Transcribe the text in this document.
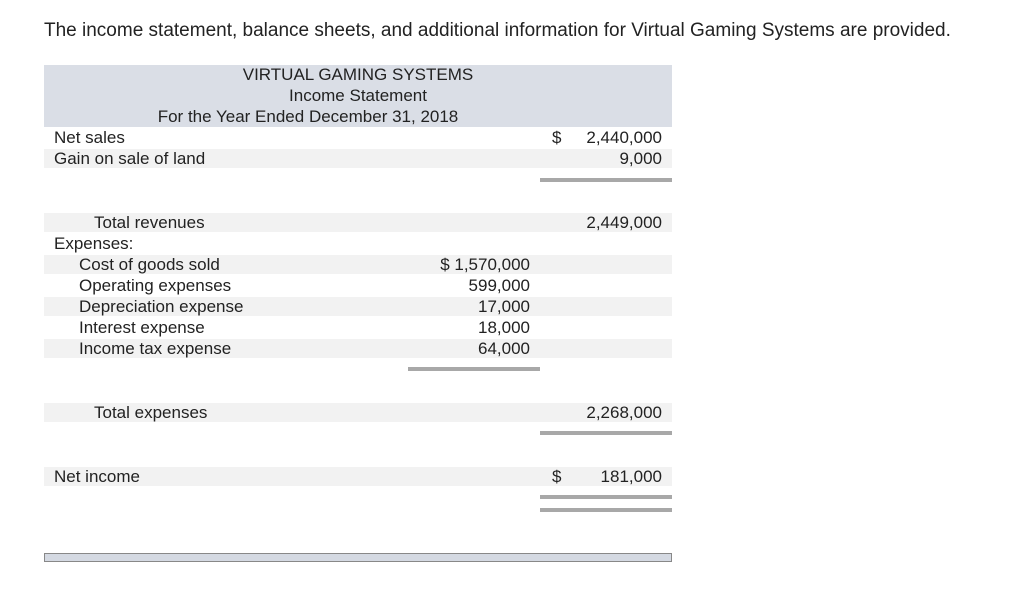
The income statement, balance sheets, and additional information for Virtual Gaming Systems are provided.
VIRTUAL GAMING SYSTEMS
Income Statement
For the Year Ended December 31, 2018
Net sales	$ 2,440,000
Gain on sale of land	9,000
Total revenues	2,449,000
Expenses:
Cost of goods sold	$ 1,570,000
Operating expenses	599,000
Depreciation expense	17,000
Interest expense	18,000
Income tax expense	64,000
Total expenses	2,268,000
Net income	$ 181,000
